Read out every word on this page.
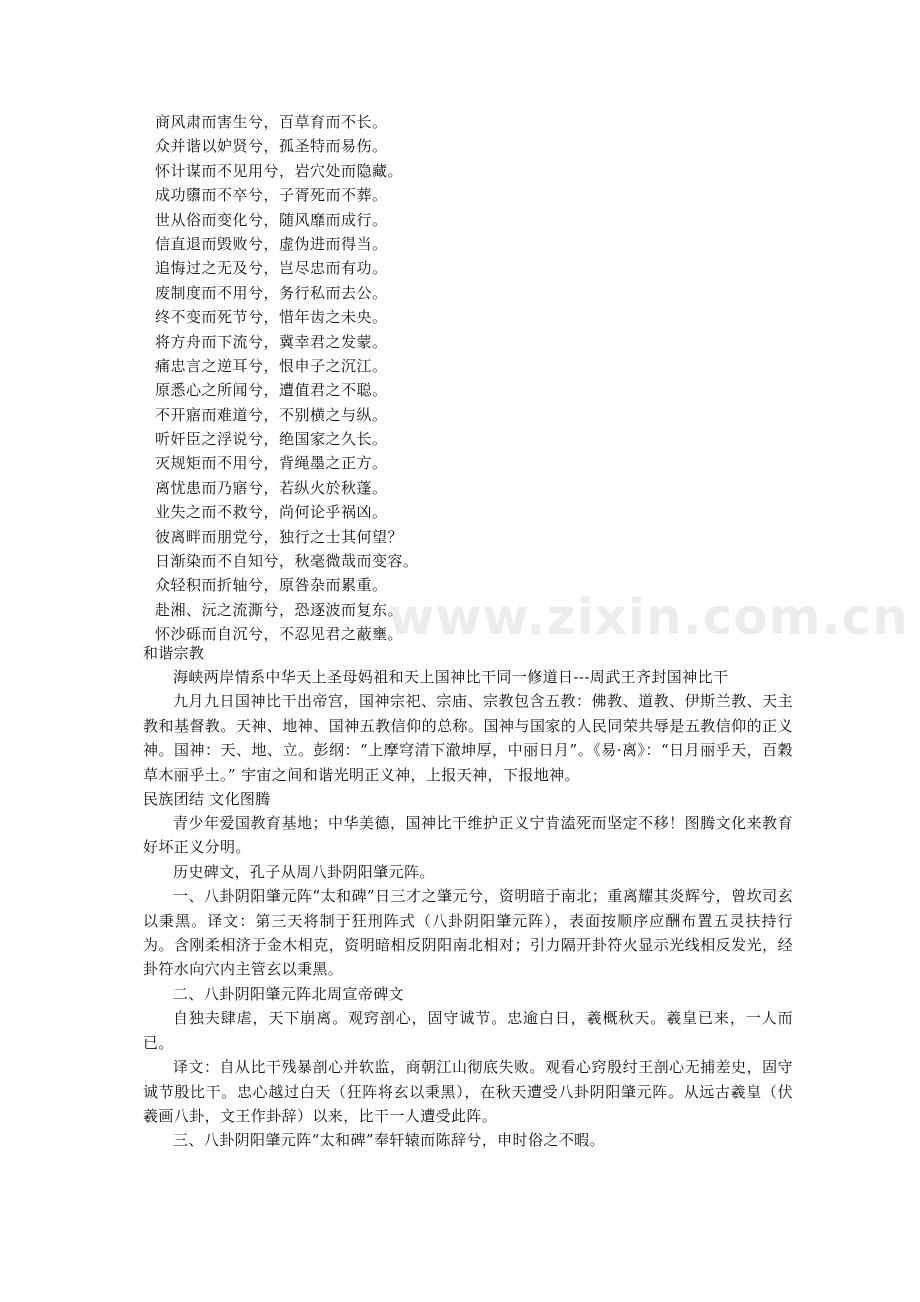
www.zixin.com.cn
商风肃而害生兮，百草育而不长。
众并谐以妒贤兮，孤圣特而易伤。
怀计谋而不见用兮，岩穴处而隐藏。
成功隳而不卒兮，子胥死而不葬。
世从俗而变化兮，随风靡而成行。
信直退而毁败兮，虚伪进而得当。
追悔过之无及兮，岂尽忠而有功。
废制度而不用兮，务行私而去公。
终不变而死节兮，惜年齿之未央。
将方舟而下流兮，冀幸君之发蒙。
痛忠言之逆耳兮，恨申子之沉江。
原悉心之所闻兮，遭值君之不聪。
不开寤而难道兮，不别横之与纵。
听奸臣之浮说兮，绝国家之久长。
灭规矩而不用兮，背绳墨之正方。
离忧患而乃寤兮，若纵火於秋蓬。
业失之而不救兮，尚何论乎祸凶。
彼离畔而朋党兮，独行之士其何望？
日渐染而不自知兮，秋毫微哉而变容。
众轻积而折轴兮，原咎杂而累重。
赴湘、沅之流澌兮，恐逐波而复东。
怀沙砾而自沉兮，不忍见君之蔽壅。
和谐宗教
海峡两岸情系中华天上圣母妈祖和天上国神比干同一修道日---周武王齐封国神比干
九月九日国神比干出帝宫，国神宗祀、宗庙、宗教包含五教：佛教、道教、伊斯兰教、天主教和基督教。天神、地神、国神五教信仰的总称。国神与国家的人民同荣共辱是五教信仰的正义神。国神：天、地、立。彭纲：“上摩穹清下澈坤厚，中丽日月”。《易·离》：“日月丽乎天，百穀草木丽乎土。” 宇宙之间和谐光明正义神，上报天神，下报地神。
民族团结 文化图腾
青少年爱国教育基地；中华美德，国神比干维护正义宁肯溘死而坚定不移！图腾文化来教育好坏正义分明。
历史碑文，孔子从周八卦阴阳肇元阵。
一、八卦阴阳肇元阵“太和碑”日三才之肇元兮，资明暗于南北；重离耀其炎辉兮，曾坎司玄以秉黑。译文：第三天将制于狂刑阵式（八卦阴阳肇元阵），表面按顺序应酬布置五灵扶持行为。含刚柔相济于金木相克，资明暗相反阴阳南北相对；引力隔开卦符火显示光线相反发光，经卦符水向穴内主管玄以秉黑。
二、八卦阴阳肇元阵北周宣帝碑文
自独夫肆虐，天下崩离。观窍剖心，固守诚节。忠逾白日，羲概秋天。羲皇已来，一人而已。
译文：自从比干残暴剖心并软监，商朝江山彻底失败。观看心窍殷纣王剖心无捕差史，固守诚节殷比干。忠心越过白天（狂阵将玄以秉黑），在秋天遭受八卦阴阳肇元阵。从远古羲皇（伏羲画八卦，文王作卦辞）以来，比干一人遭受此阵。
三、八卦阴阳肇元阵“太和碑”奉轩辕而陈辞兮，申时俗之不暇。
